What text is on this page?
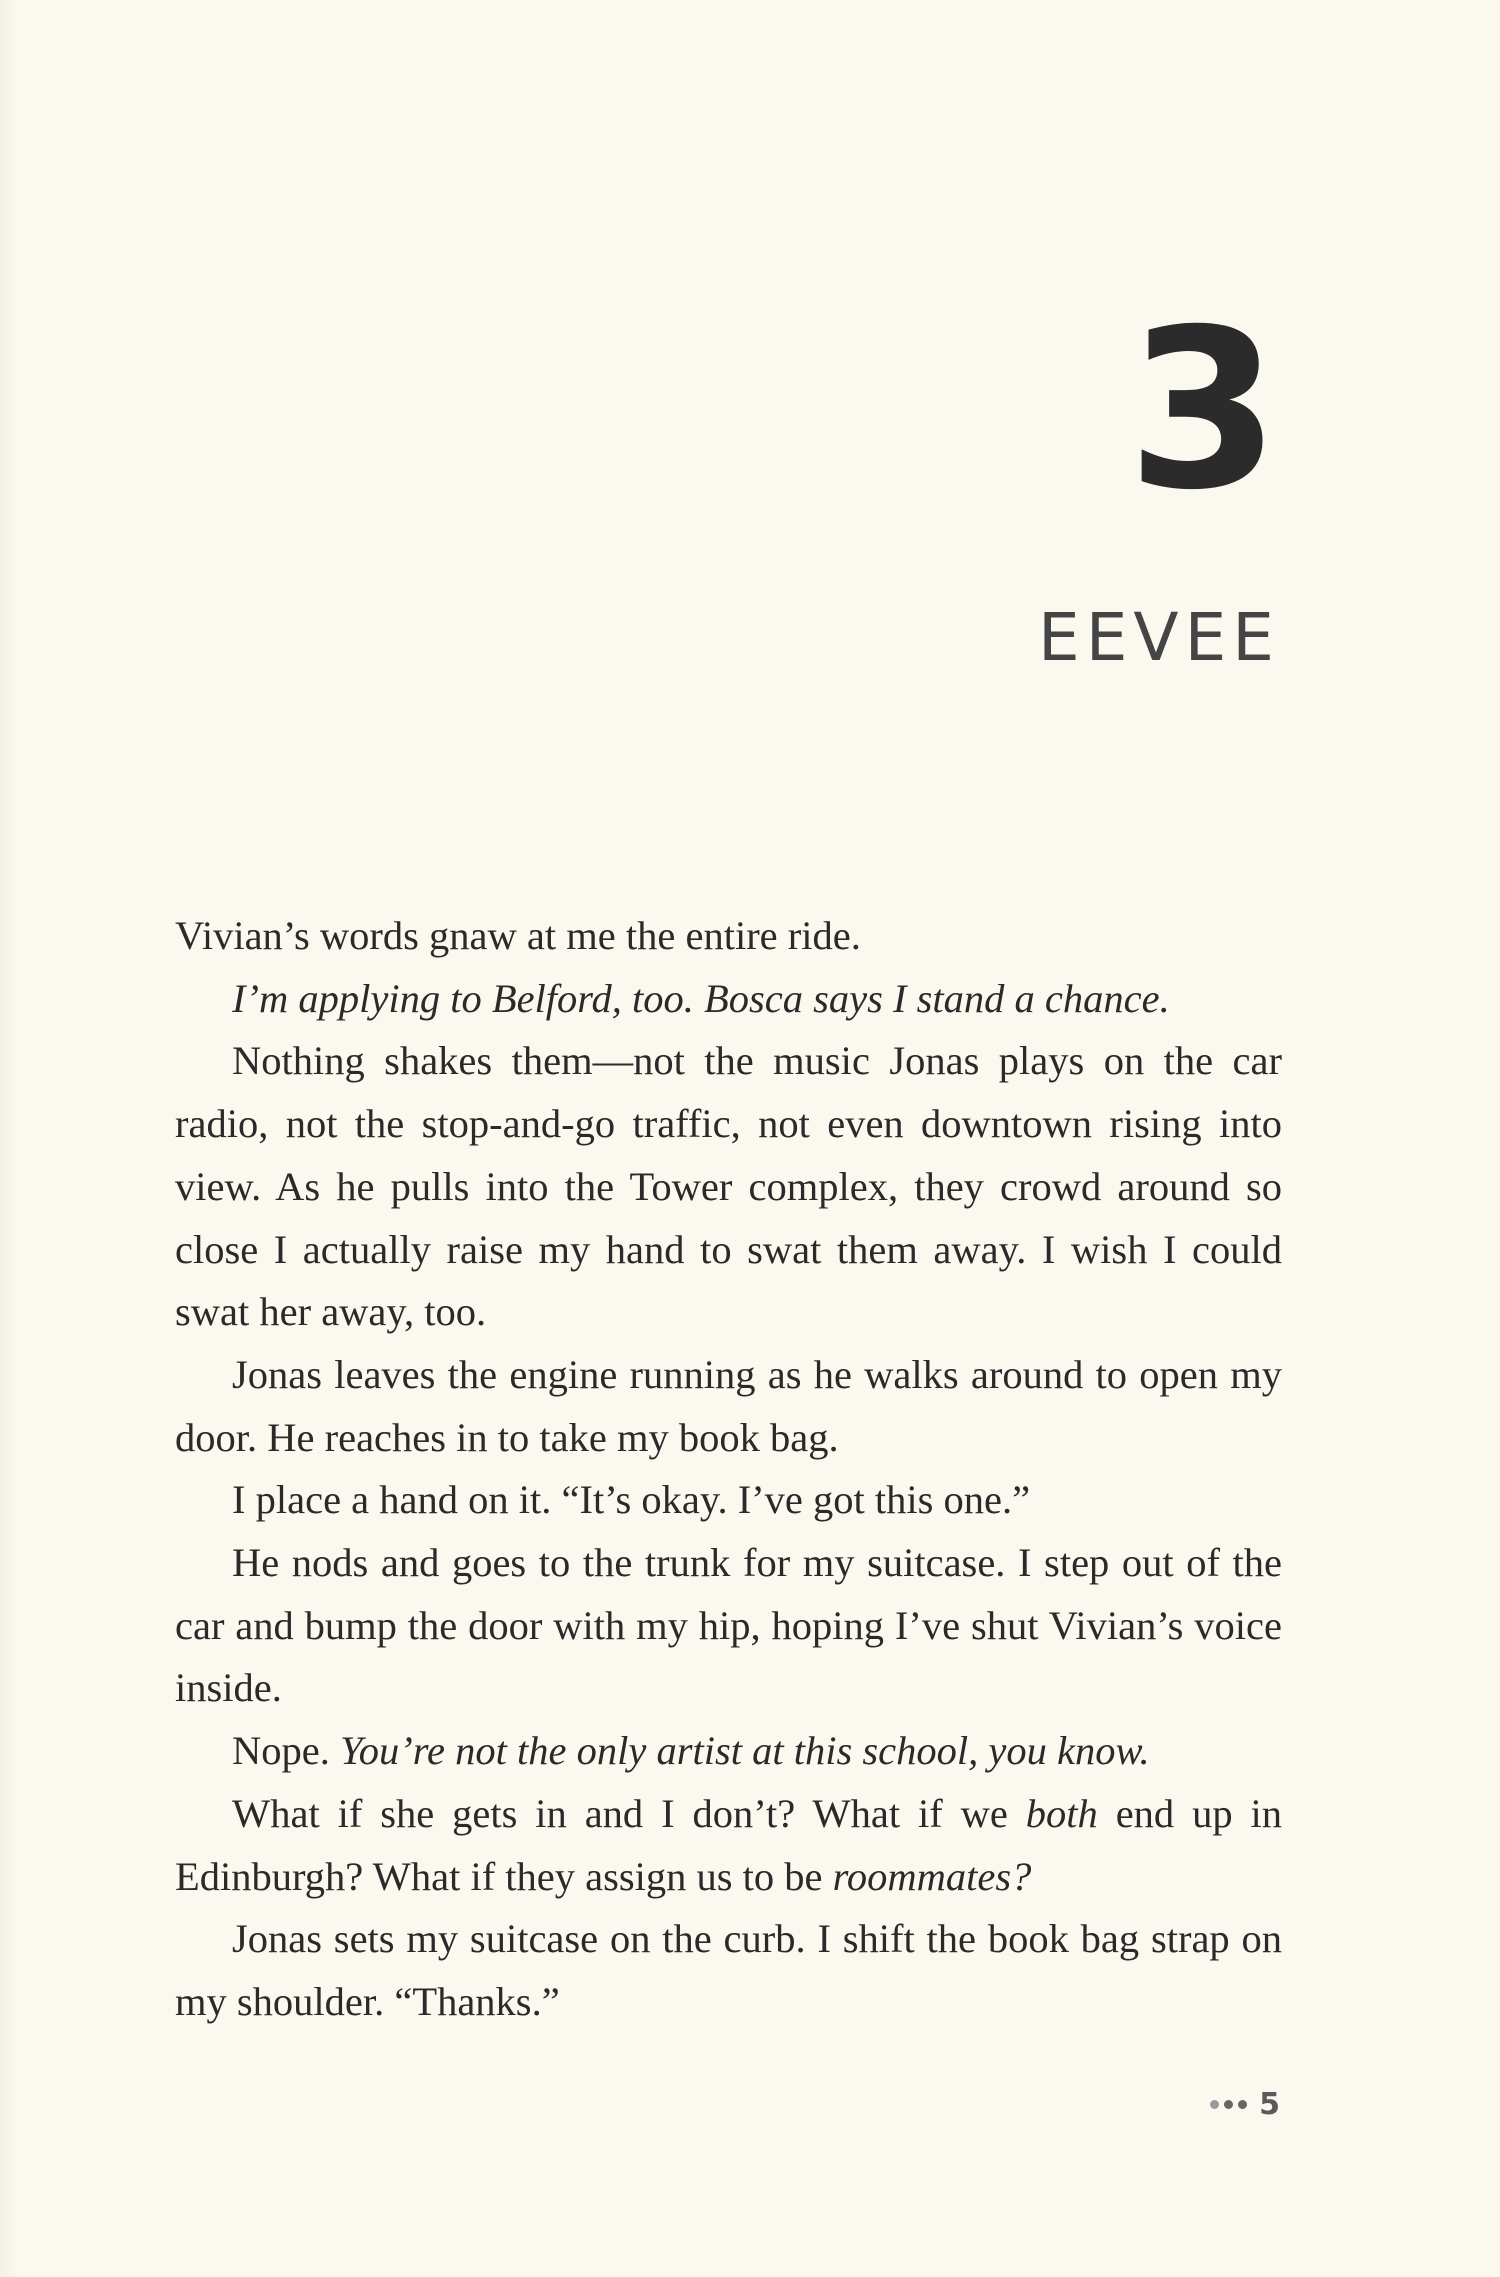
3
EEVEE

Vivian’s words gnaw at me the entire ride.

I’m applying to Belford, too. Bosca says I stand a chance.

Nothing shakes them—not the music Jonas plays on the car radio, not the stop-and-go traffic, not even downtown rising into view. As he pulls into the Tower complex, they crowd around so close I actually raise my hand to swat them away. I wish I could swat her away, too.

Jonas leaves the engine running as he walks around to open my door. He reaches in to take my book bag.

I place a hand on it. “It’s okay. I’ve got this one.”

He nods and goes to the trunk for my suitcase. I step out of the car and bump the door with my hip, hoping I’ve shut Vivian’s voice inside.

Nope. You’re not the only artist at this school, you know.

What if she gets in and I don’t? What if we both end up in Edinburgh? What if they assign us to be roommates?

Jonas sets my suitcase on the curb. I shift the book bag strap on my shoulder. “Thanks.”

5
